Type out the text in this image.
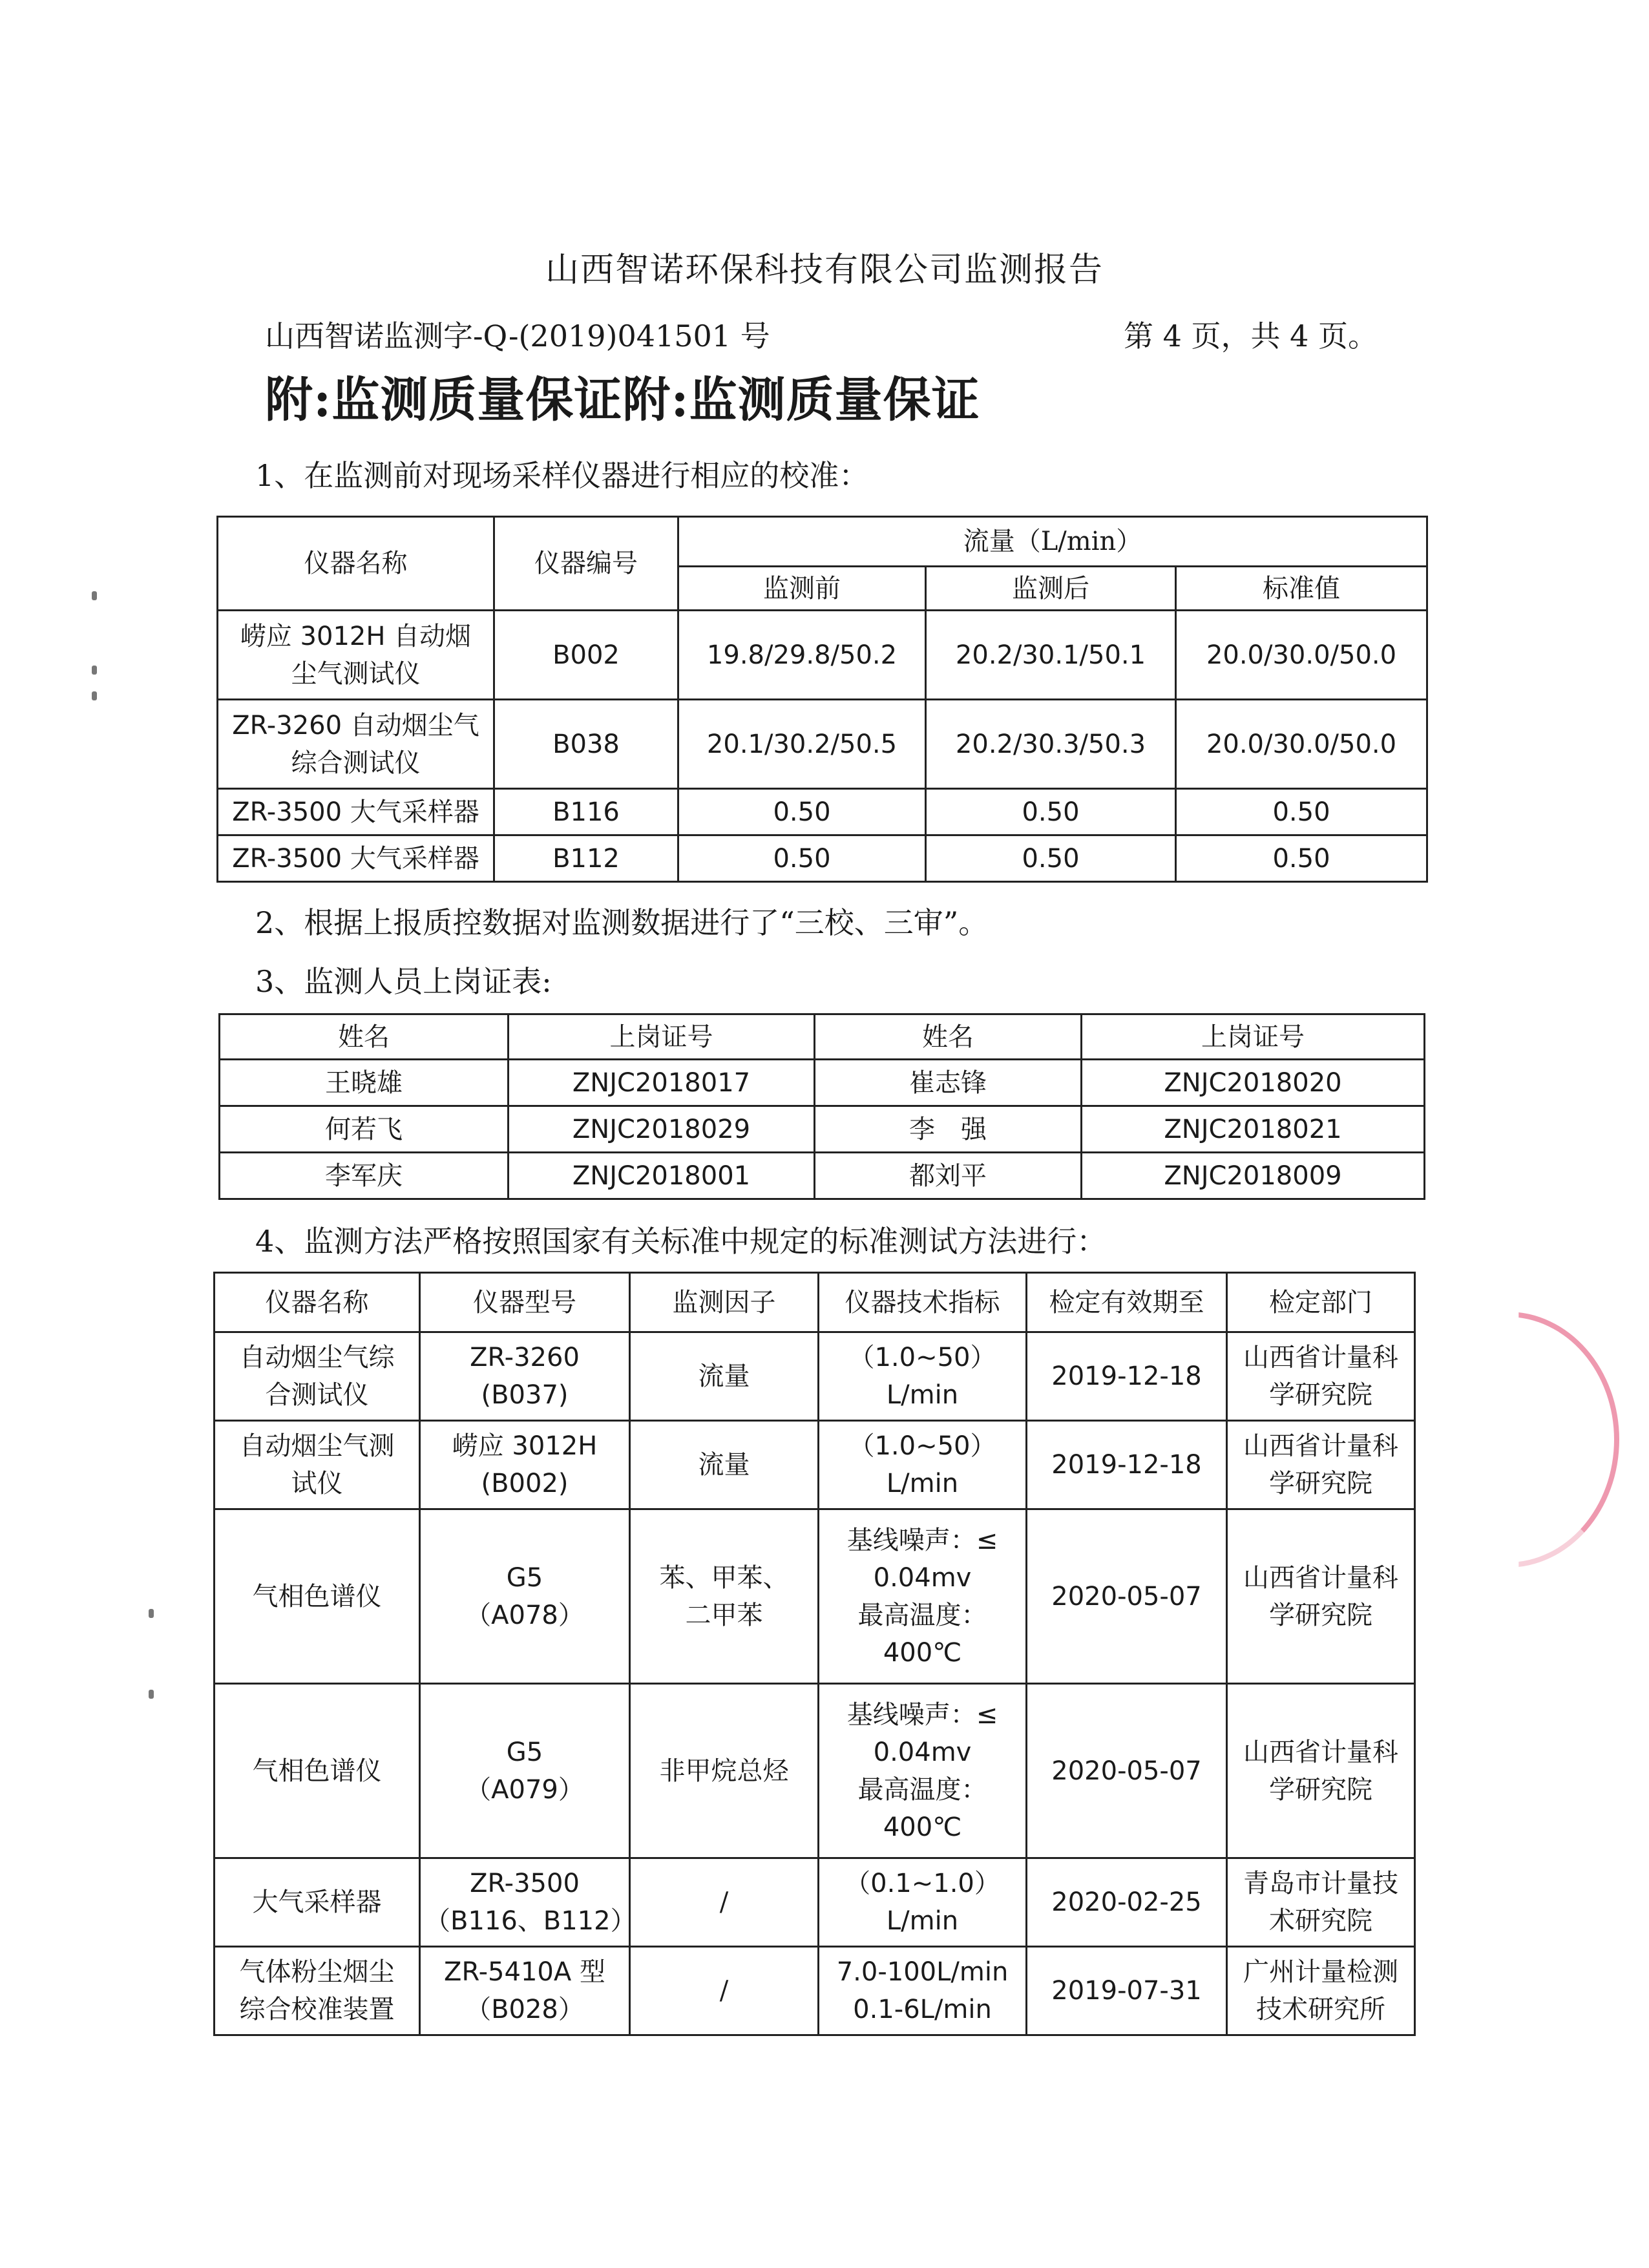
山西智诺环保科技有限公司监测报告
山西智诺监测字-Q-(2019)041501 号	第 4 页，共 4 页。
附:监测质量保证附:监测质量保证
1、在监测前对现场采样仪器进行相应的校准：
仪器名称	仪器编号	流量（L/min）		
		监测前	监测后	标准值

崂应 3012H 自动烟
尘气测试仪	B002	19.8/29.8/50.2	20.2/30.1/50.1	20.0/30.0/50.0

ZR-3260 自动烟尘气
综合测试仪	B038	20.1/30.2/50.5	20.2/30.3/50.3	20.0/30.0/50.0
ZR-3500 大气采样器	B116	0.50	0.50	0.50
ZR-3500 大气采样器	B112	0.50	0.50	0.50
2、根据上报质控数据对监测数据进行了“三校、三审”。
3、监测人员上岗证表:
姓名	上岗证号	姓名	上岗证号
王晓雄	ZNJC2018017	崔志锋	ZNJC2018020
何若飞	ZNJC2018029	李　强	ZNJC2018021
李军庆	ZNJC2018001	都刘平	ZNJC2018009
4、监测方法严格按照国家有关标准中规定的标准测试方法进行：
仪器名称	仪器型号	监测因子	仪器技术指标	检定有效期至	检定部门

自动烟尘气综
合测试仪	ZR-3260
(B037)	流量	（1.0~50）
L/min	2019-12-18	山西省计量科
学研究院

自动烟尘气测
试仪	崂应 3012H
(B002)	流量	（1.0~50）
L/min	2019-12-18	山西省计量科
学研究院

气相色谱仪	G5
（A078）	苯、甲苯、
二甲苯	基线噪声：≤
0.04mv
最高温度：
400℃	2020-05-07	山西省计量科
学研究院

气相色谱仪	G5
（A079）	非甲烷总烃	基线噪声：≤
0.04mv
最高温度：
400℃	2020-05-07	山西省计量科
学研究院

大气采样器	ZR-3500
（B116、B112）	/	（0.1~1.0）
L/min	2020-02-25	青岛市计量技
术研究院

气体粉尘烟尘
综合校准装置	ZR-5410A 型
（B028）	/	7.0-100L/min
0.1-6L/min	2019-07-31	广州计量检测
技术研究所
